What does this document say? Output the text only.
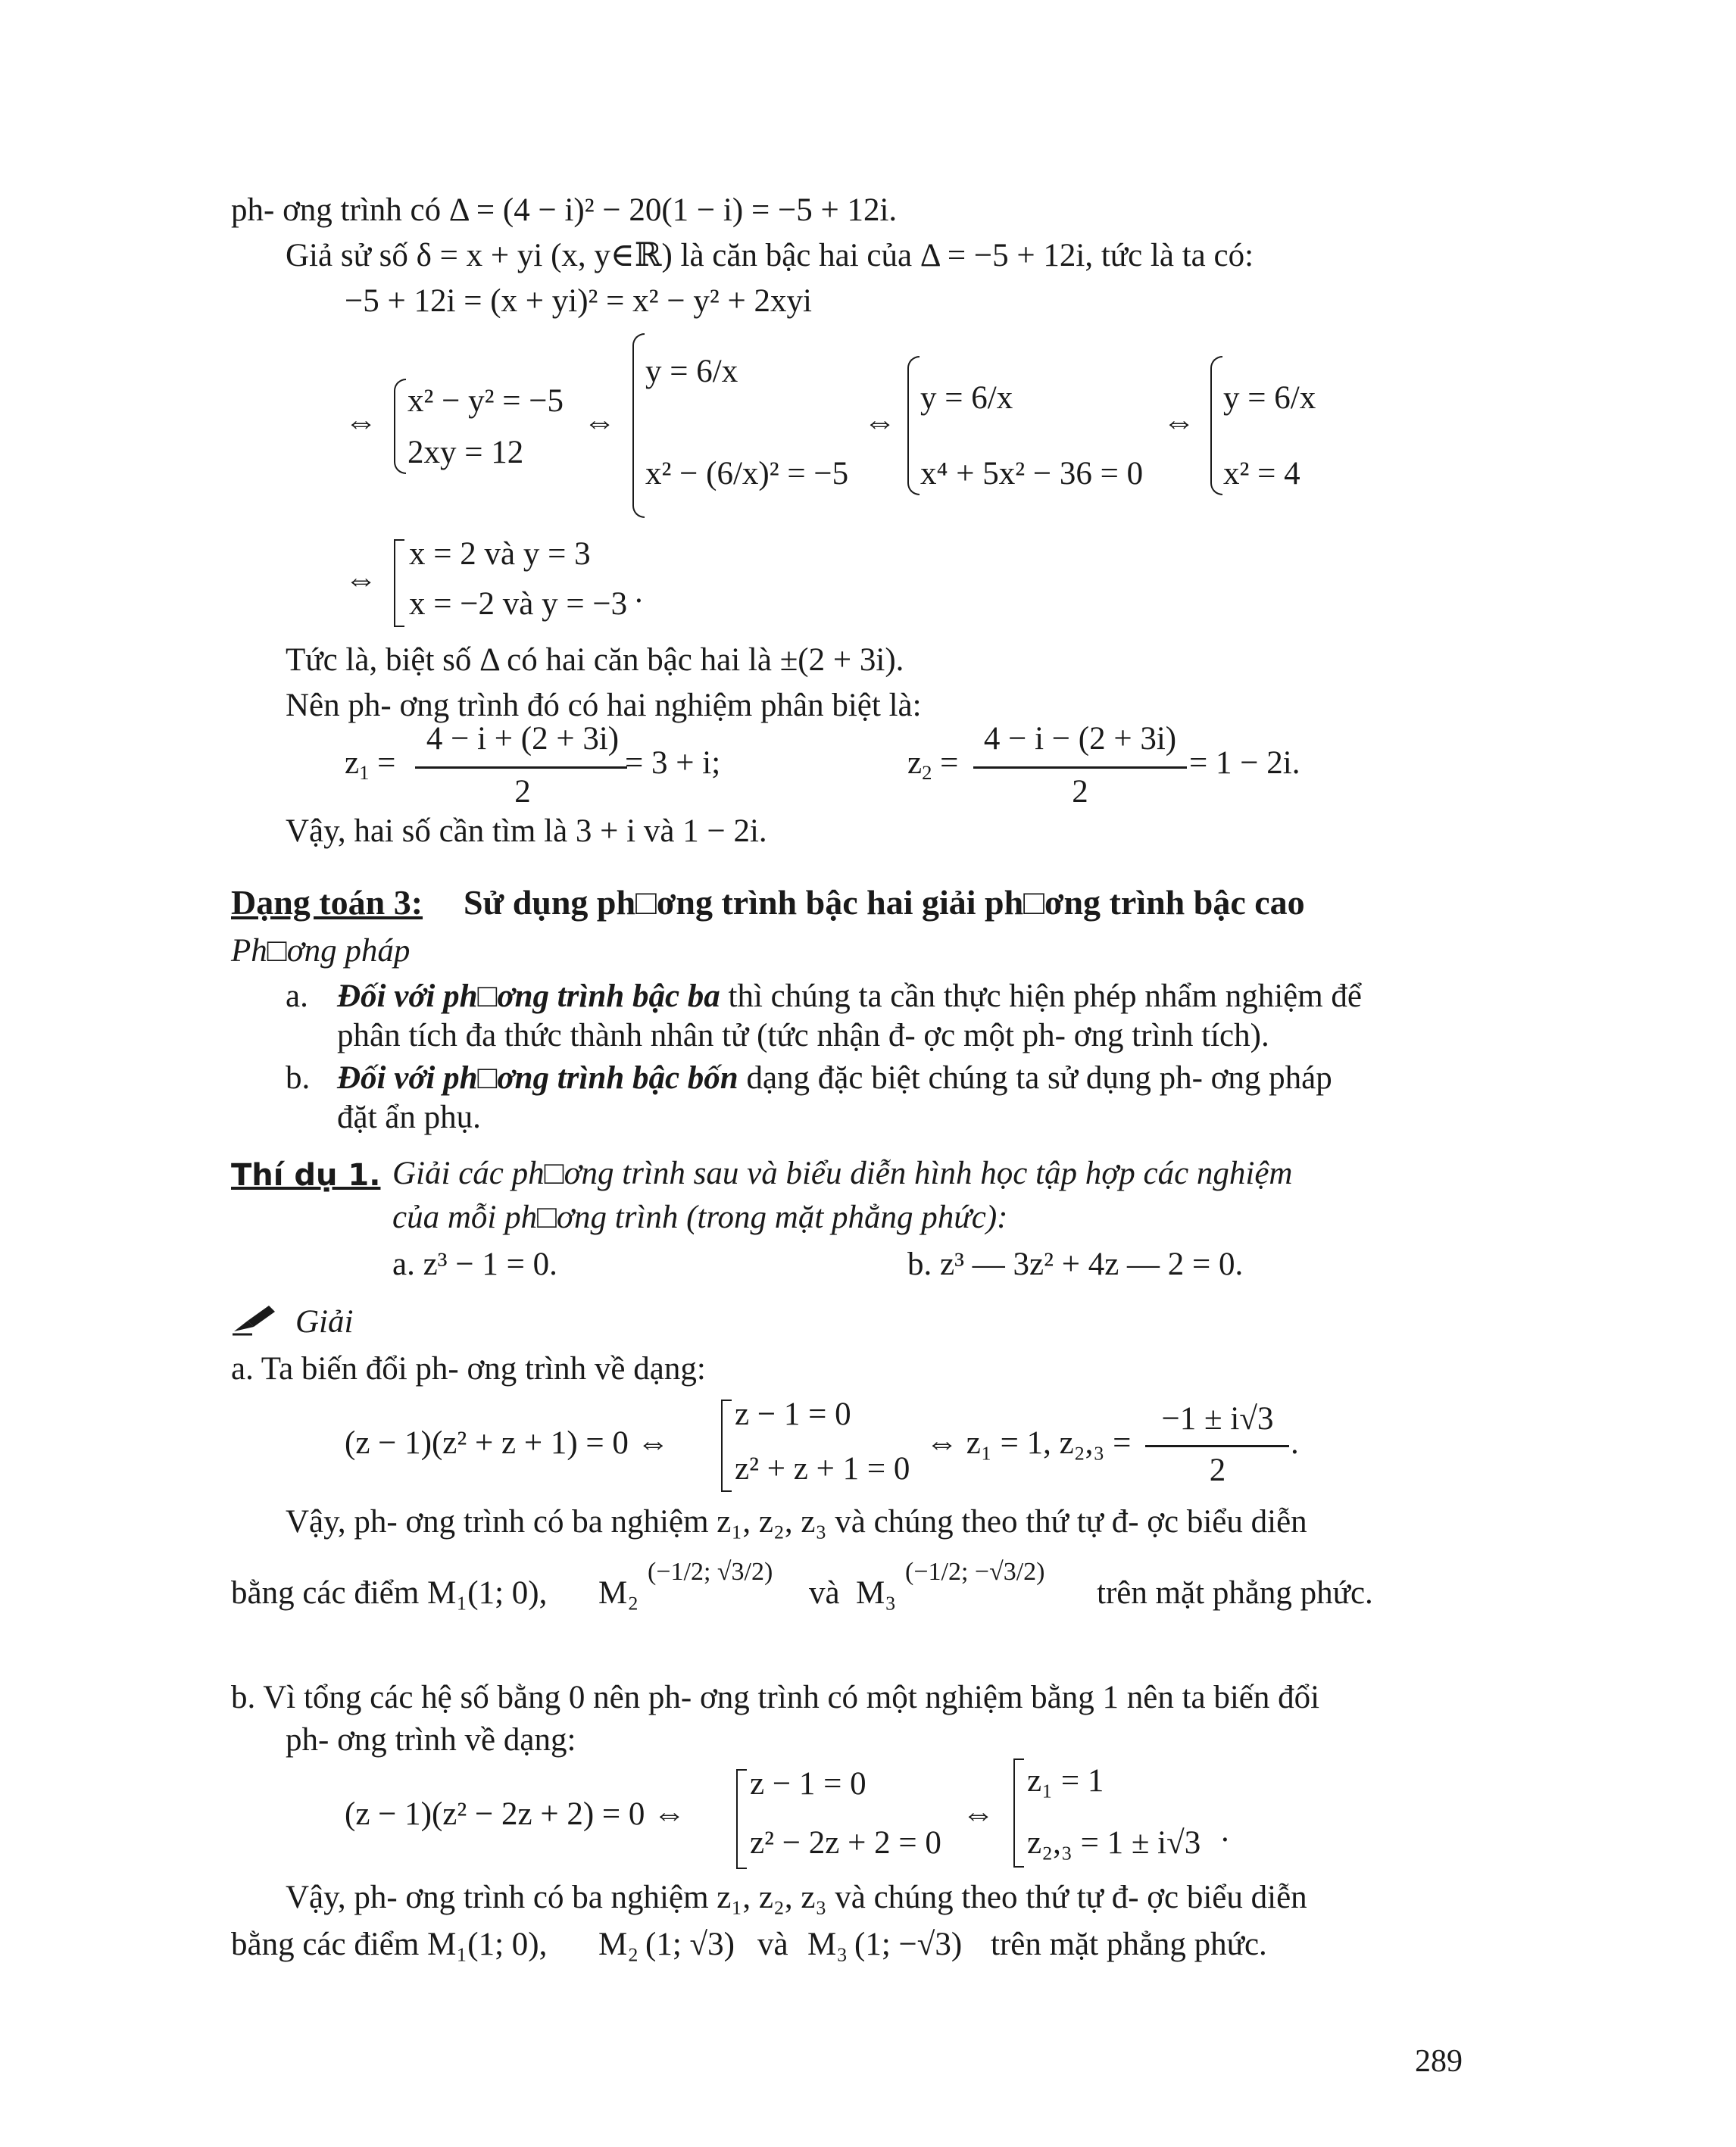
ph- ơng trình có Δ = (4 − i)² − 20(1 − i) = −5 + 12i.
Giả sử số δ = x + yi (x, y∈ℝ) là căn bậc hai của Δ = −5 + 12i, tức là ta có:
−5 + 12i = (x + yi)² = x² − y² + 2xyi
⇔
x² − y² = −5
2xy = 12
⇔
y = 6/x
x² − (6/x)² = −5
⇔
y = 6/x
x⁴ + 5x² − 36 = 0
⇔
y = 6/x
x² = 4
⇔
x = 2 và y = 3
x = −2 và y = −3 .
Tức là, biệt số Δ có hai căn bậc hai là ±(2 + 3i).
Nên ph- ơng trình đó có hai nghiệm phân biệt là:
$z_1$ =
4 − i + (2 + 3i)
2
= 3 + i;	$z_2$ =
4 − i − (2 + 3i)
2
= 1 − 2i.
Vậy, hai số cần tìm là 3 + i và 1 − 2i.
Dạng toán 3: Sử dụng ph□ơng trình bậc hai giải ph□ơng trình bậc cao
Ph□ơng pháp
a. Đối với ph□ơng trình bậc ba thì chúng ta cần thực hiện phép nhẩm nghiệm để
phân tích đa thức thành nhân tử (tức nhận đ- ợc một ph- ơng trình tích).
b. Đối với ph□ơng trình bậc bốn dạng đặc biệt chúng ta sử dụng ph- ơng pháp
đặt ẩn phụ.
Thí dụ 1. Giải các ph□ơng trình sau và biểu diễn hình học tập hợp các nghiệm
của mỗi ph□ơng trình (trong mặt phẳng phức):
a. z³ − 1 = 0.	b. z³ — 3z² + 4z — 2 = 0.
Giải
a. Ta biến đổi ph- ơng trình về dạng:
(z − 1)(z² + z + 1) = 0 ⇔
z − 1 = 0
z² + z + 1 = 0
⇔ z₁ = 1, z₂,₃ =
−1 ± i√3
2
.
Vậy, ph- ơng trình có ba nghiệm z₁, z₂, z₃ và chúng theo thứ tự đ- ợc biểu diễn
bằng các điểm M₁(1; 0), M₂
(−1/2; √3/2)
và M₃
(−1/2; −√3/2)
trên mặt phẳng phức.
b. Vì tổng các hệ số bằng 0 nên ph- ơng trình có một nghiệm bằng 1 nên ta biến đổi
ph- ơng trình về dạng:
(z − 1)(z² − 2z + 2) = 0 ⇔
z − 1 = 0
z² − 2z + 2 = 0
⇔
z₁ = 1
z₂,₃ = 1 ± i√3 .
Vậy, ph- ơng trình có ba nghiệm z₁, z₂, z₃ và chúng theo thứ tự đ- ợc biểu diễn
bằng các điểm M₁(1; 0), M₂ (1; √3) và M₃ (1; −√3) trên mặt phẳng phức.
289
